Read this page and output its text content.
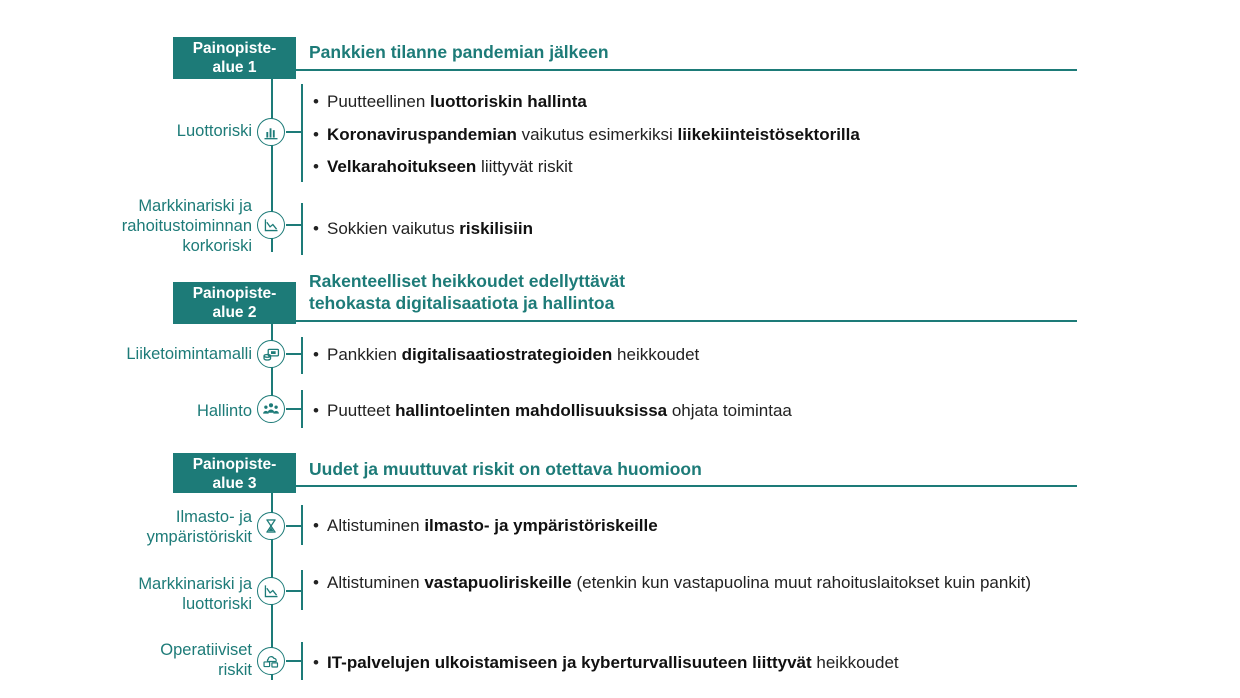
Painopiste-
alue 1
Pankkien tilanne pandemian jälkeen
Luottoriski
• Puutteellinen luottoriskin hallinta
• Koronaviruspandemian vaikutus esimerkiksi liikekiinteistösektorilla
• Velkarahoitukseen liittyvät riskit
Markkinariski ja
rahoitustoiminnan
korkoriski
• Sokkien vaikutus riskilisiin
Painopiste-
alue 2
Rakenteelliset heikkoudet edellyttävät
tehokasta digitalisaatiota ja hallintoa
Liiketoimintamalli	• Pankkien digitalisaatiostrategioiden heikkoudet
Hallinto	• Puutteet hallintoelinten mahdollisuuksissa ohjata toimintaa
Painopiste-
alue 3
Uudet ja muuttuvat riskit on otettava huomioon
Ilmasto- ja
ympäristöriskit
• Altistuminen ilmasto- ja ympäristöriskeille
Markkinariski ja
luottoriski
• Altistuminen vastapuoliriskeille (etenkin kun vastapuolina muut rahoituslaitokset kuin pankit)
Operatiiviset
riskit	• IT-palvelujen ulkoistamiseen ja kyberturvallisuuteen liittyvät heikkoudet
